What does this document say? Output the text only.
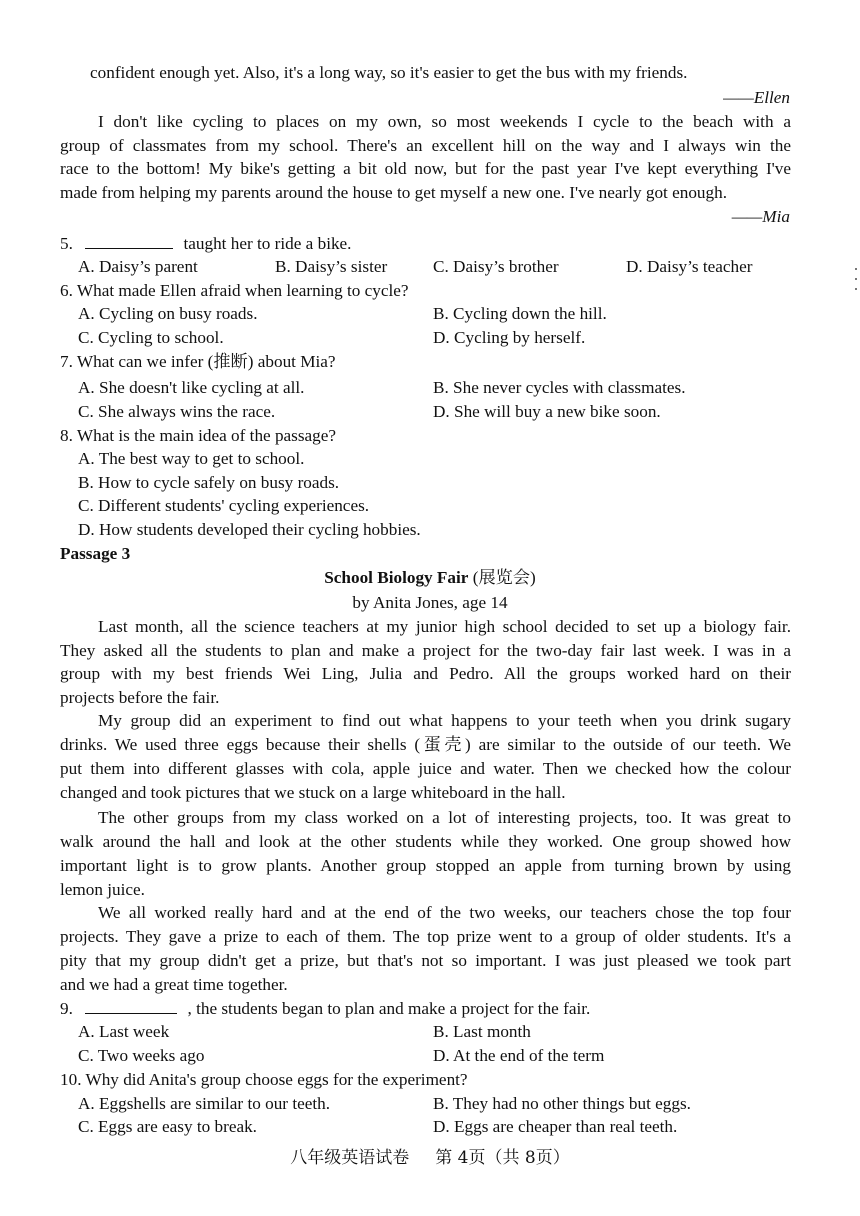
confident enough yet. Also, it's a long way, so it's easier to get the bus with my friends.
——Ellen
I don't like cycling to places on my own, so most weekends I cycle to the beach with a
group of classmates from my school. There's an excellent hill on the way and I always win the
race to the bottom! My bike's getting a bit old now, but for the past year I've kept everything I've
made from helping my parents around the house to get myself a new one. I've nearly got enough.
——Mia
5.	taught her to ride a bike.
A. Daisy’s parent	B. Daisy’s sister	C. Daisy’s brother	D. Daisy’s teacher
6. What made Ellen afraid when learning to cycle?
A. Cycling on busy roads.	B. Cycling down the hill.
C. Cycling to school.	D. Cycling by herself.
7. What can we infer (推断) about Mia?
A. She doesn't like cycling at all.	B. She never cycles with classmates.
C. She always wins the race.	D. She will buy a new bike soon.
8. What is the main idea of the passage?
A. The best way to get to school.
B. How to cycle safely on busy roads.
C. Different students' cycling experiences.
D. How students developed their cycling hobbies.
Passage 3
School Biology Fair (展览会)
by Anita Jones, age 14
Last month, all the science teachers at my junior high school decided to set up a biology fair.
They asked all the students to plan and make a project for the two-day fair last week. I was in a
group with my best friends Wei Ling, Julia and Pedro. All the groups worked hard on their
projects before the fair.
My group did an experiment to find out what happens to your teeth when you drink sugary
drinks. We used three eggs because their shells (蛋壳) are similar to the outside of our teeth. We
put them into different glasses with cola, apple juice and water. Then we checked how the colour
changed and took pictures that we stuck on a large whiteboard in the hall.
The other groups from my class worked on a lot of interesting projects, too. It was great to
walk around the hall and look at the other students while they worked. One group showed how
important light is to grow plants. Another group stopped an apple from turning brown by using
lemon juice.
We all worked really hard and at the end of the two weeks, our teachers chose the top four
projects. They gave a prize to each of them. The top prize went to a group of older students. It's a
pity that my group didn't get a prize, but that's not so important. I was just pleased we took part
and we had a great time together.
9.	, the students began to plan and make a project for the fair.
A. Last week	B. Last month
C. Two weeks ago	D. At the end of the term
10. Why did Anita's group choose eggs for the experiment?
A. Eggshells are similar to our teeth.	B. They had no other things but eggs.
C. Eggs are easy to break.	D. Eggs are cheaper than real teeth.
八年级英语试卷 第 4页（共 8页）
